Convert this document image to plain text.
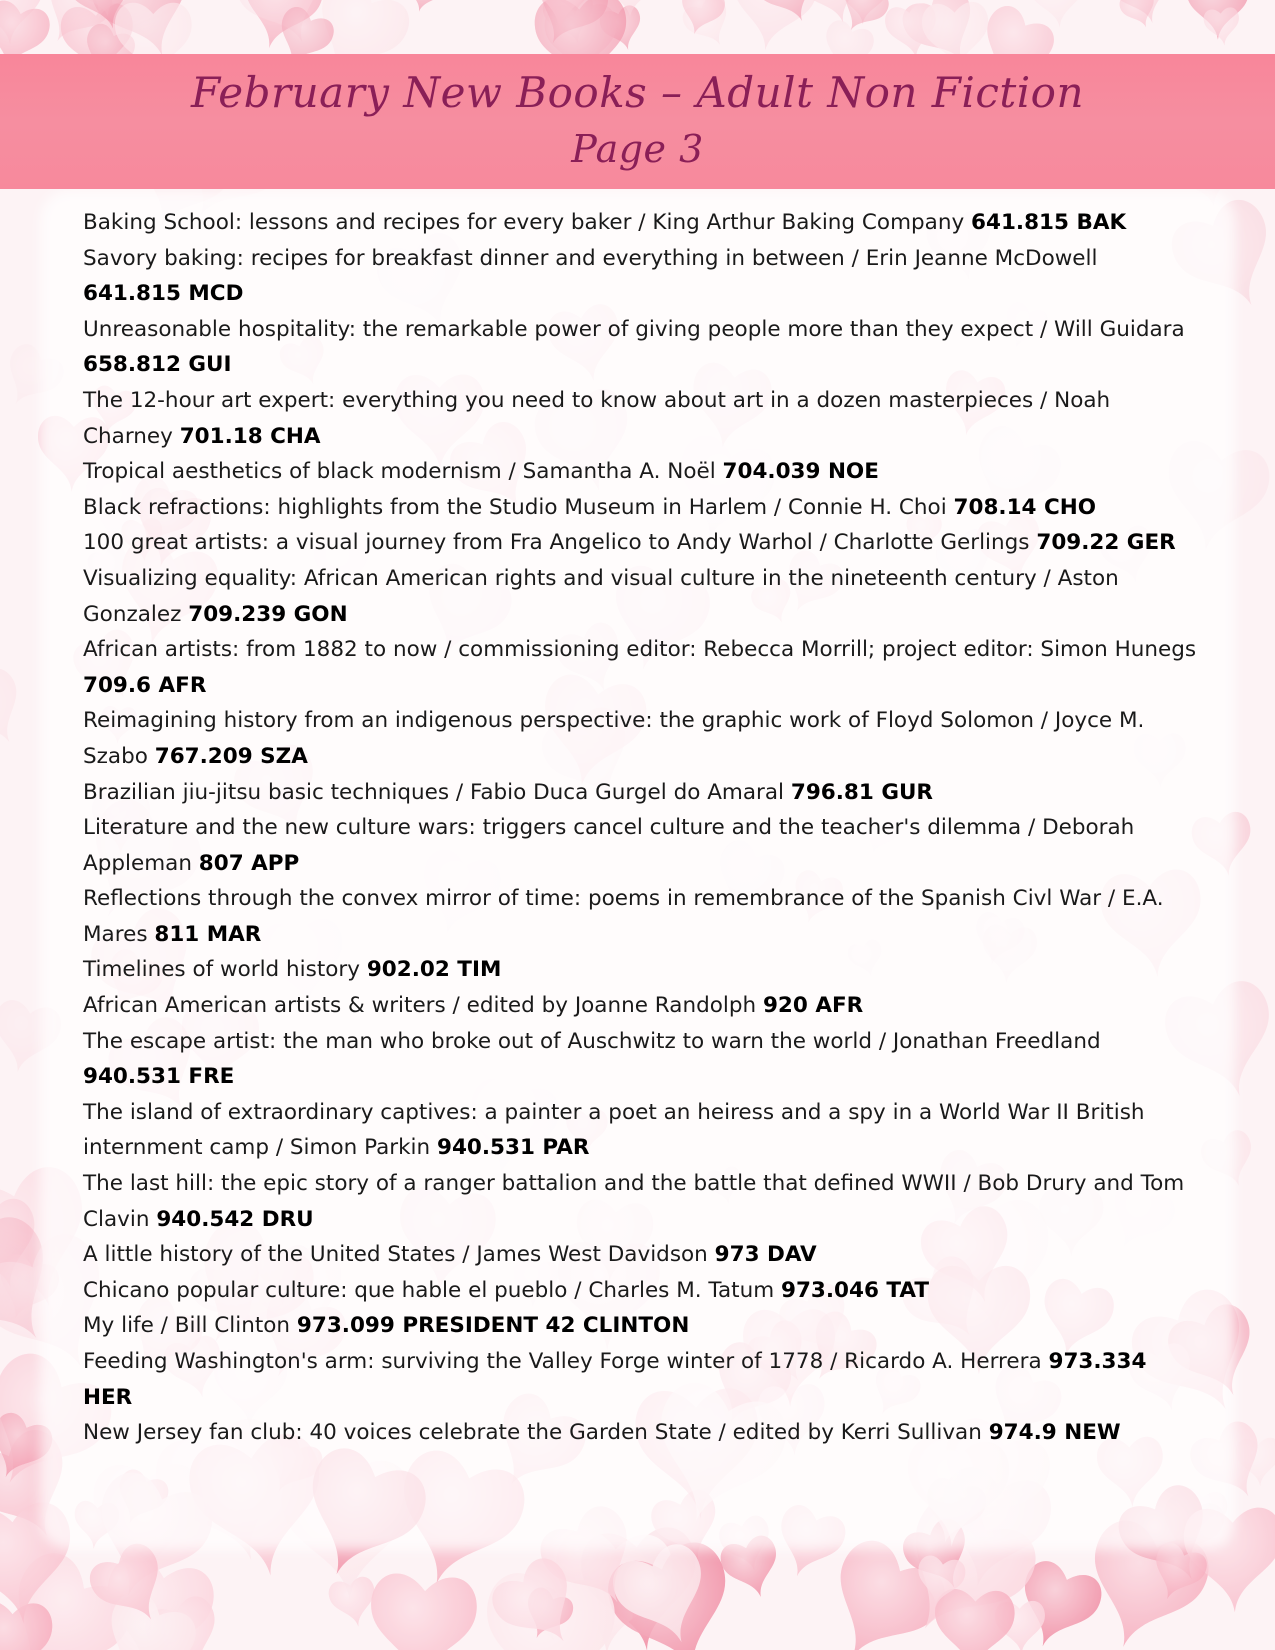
February New Books – Adult Non Fiction
Page 3
Baking School: lessons and recipes for every baker / King Arthur Baking Company 641.815 BAK
Savory baking: recipes for breakfast dinner and everything in between / Erin Jeanne McDowell 641.815 MCD
Unreasonable hospitality: the remarkable power of giving people more than they expect / Will Guidara 658.812 GUI
The 12-hour art expert: everything you need to know about art in a dozen masterpieces / Noah Charney 701.18 CHA
Tropical aesthetics of black modernism / Samantha A. Noël 704.039 NOE
Black refractions: highlights from the Studio Museum in Harlem / Connie H. Choi 708.14 CHO
100 great artists: a visual journey from Fra Angelico to Andy Warhol / Charlotte Gerlings 709.22 GER
Visualizing equality: African American rights and visual culture in the nineteenth century / Aston Gonzalez 709.239 GON
African artists: from 1882 to now / commissioning editor: Rebecca Morrill; project editor: Simon Hunegs 709.6 AFR
Reimagining history from an indigenous perspective: the graphic work of Floyd Solomon / Joyce M. Szabo 767.209 SZA
Brazilian jiu-jitsu basic techniques / Fabio Duca Gurgel do Amaral 796.81 GUR
Literature and the new culture wars: triggers cancel culture and the teacher's dilemma / Deborah Appleman 807 APP
Reflections through the convex mirror of time: poems in remembrance of the Spanish Civl War / E.A. Mares 811 MAR
Timelines of world history 902.02 TIM
African American artists & writers / edited by Joanne Randolph 920 AFR
The escape artist: the man who broke out of Auschwitz to warn the world / Jonathan Freedland 940.531 FRE
The island of extraordinary captives: a painter a poet an heiress and a spy in a World War II British internment camp / Simon Parkin 940.531 PAR
The last hill: the epic story of a ranger battalion and the battle that defined WWII / Bob Drury and Tom Clavin 940.542 DRU
A little history of the United States / James West Davidson 973 DAV
Chicano popular culture: que hable el pueblo / Charles M. Tatum 973.046 TAT
My life / Bill Clinton 973.099 PRESIDENT 42 CLINTON
Feeding Washington's arm: surviving the Valley Forge winter of 1778 / Ricardo A. Herrera 973.334 HER
New Jersey fan club: 40 voices celebrate the Garden State / edited by Kerri Sullivan 974.9 NEW
